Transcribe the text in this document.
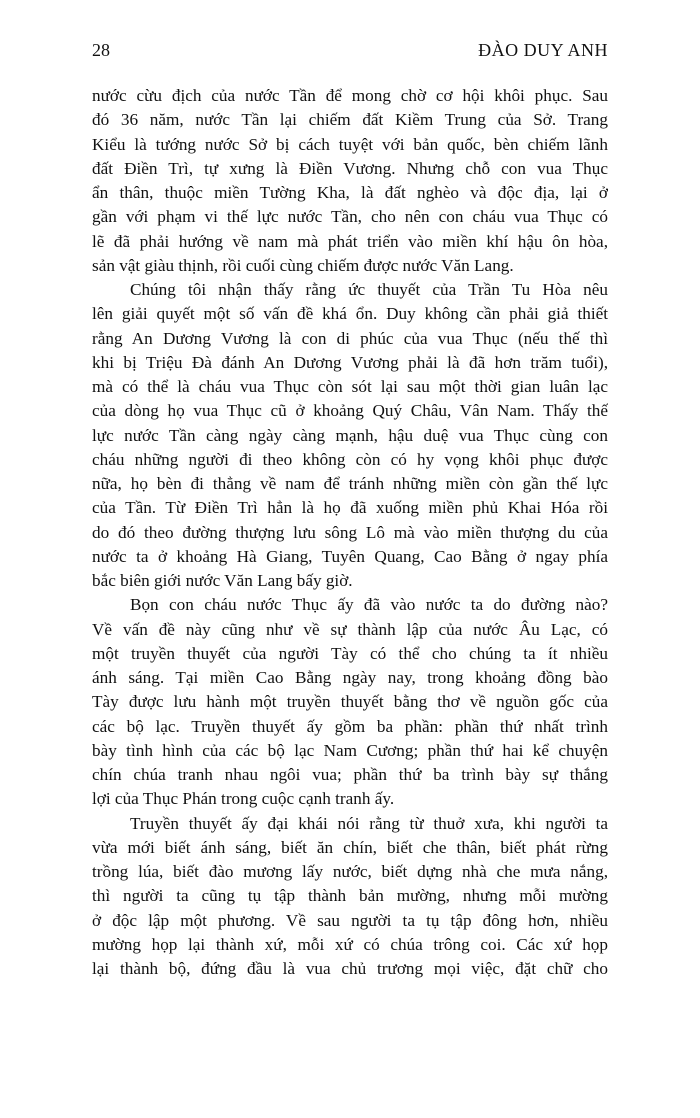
28	ĐÀO DUY ANH
nước cừu địch của nước Tần để mong chờ cơ hội khôi phục. Sau
đó 36 năm, nước Tần lại chiếm đất Kiềm Trung của Sở. Trang
Kiểu là tướng nước Sở bị cách tuyệt với bản quốc, bèn chiếm lãnh
đất Điền Trì, tự xưng là Điền Vương. Nhưng chỗ con vua Thục
ẩn thân, thuộc miền Tường Kha, là đất nghèo và độc địa, lại ở
gần với phạm vi thế lực nước Tần, cho nên con cháu vua Thục có
lẽ đã phải hướng về nam mà phát triển vào miền khí hậu ôn hòa,
sản vật giàu thịnh, rồi cuối cùng chiếm được nước Văn Lang.
Chúng tôi nhận thấy rằng ức thuyết của Trần Tu Hòa nêu
lên giải quyết một số vấn đề khá ổn. Duy không cần phải giả thiết
rằng An Dương Vương là con di phúc của vua Thục (nếu thế thì
khi bị Triệu Đà đánh An Dương Vương phải là đã hơn trăm tuổi),
mà có thể là cháu vua Thục còn sót lại sau một thời gian luân lạc
của dòng họ vua Thục cũ ở khoảng Quý Châu, Vân Nam. Thấy thế
lực nước Tần càng ngày càng mạnh, hậu duệ vua Thục cùng con
cháu những người đi theo không còn có hy vọng khôi phục được
nữa, họ bèn đi thẳng về nam để tránh những miền còn gần thế lực
của Tần. Từ Điền Trì hẳn là họ đã xuống miền phủ Khai Hóa rồi
do đó theo đường thượng lưu sông Lô mà vào miền thượng du của
nước ta ở khoảng Hà Giang, Tuyên Quang, Cao Bằng ở ngay phía
bắc biên giới nước Văn Lang bấy giờ.
Bọn con cháu nước Thục ấy đã vào nước ta do đường nào?
Về vấn đề này cũng như về sự thành lập của nước Âu Lạc, có
một truyền thuyết của người Tày có thể cho chúng ta ít nhiều
ánh sáng. Tại miền Cao Bằng ngày nay, trong khoảng đồng bào
Tày được lưu hành một truyền thuyết bằng thơ về nguồn gốc của
các bộ lạc. Truyền thuyết ấy gồm ba phần: phần thứ nhất trình
bày tình hình của các bộ lạc Nam Cương; phần thứ hai kể chuyện
chín chúa tranh nhau ngôi vua; phần thứ ba trình bày sự thắng
lợi của Thục Phán trong cuộc cạnh tranh ấy.
Truyền thuyết ấy đại khái nói rằng từ thuở xưa, khi người ta
vừa mới biết ánh sáng, biết ăn chín, biết che thân, biết phát rừng
trồng lúa, biết đào mương lấy nước, biết dựng nhà che mưa nắng,
thì người ta cũng tụ tập thành bản mường, nhưng mỗi mường
ở độc lập một phương. Về sau người ta tụ tập đông hơn, nhiều
mường họp lại thành xứ, mỗi xứ có chúa trông coi. Các xứ họp
lại thành bộ, đứng đầu là vua chủ trương mọi việc, đặt chữ cho
